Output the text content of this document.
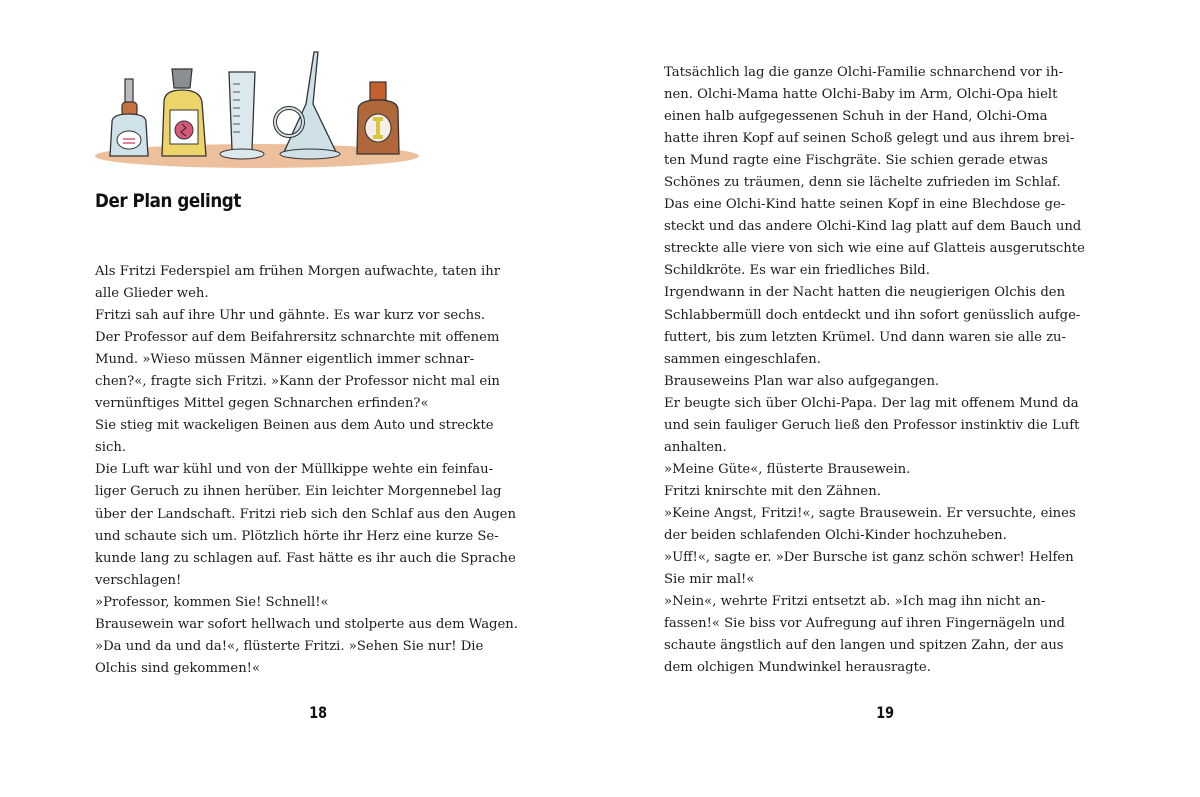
Der Plan gelingt
Als Fritzi Federspiel am frühen Morgen aufwachte, taten ihr
alle Glieder weh.
Fritzi sah auf ihre Uhr und gähnte. Es war kurz vor sechs.
Der Professor auf dem Beifahrersitz schnarchte mit offenem
Mund. »Wieso müssen Männer eigentlich immer schnar-
chen?«, fragte sich Fritzi. »Kann der Professor nicht mal ein
vernünftiges Mittel gegen Schnarchen erfinden?«
Sie stieg mit wackeligen Beinen aus dem Auto und streckte
sich.
Die Luft war kühl und von der Müllkippe wehte ein feinfau-
liger Geruch zu ihnen herüber. Ein leichter Morgennebel lag
über der Landschaft. Fritzi rieb sich den Schlaf aus den Augen
und schaute sich um. Plötzlich hörte ihr Herz eine kurze Se-
kunde lang zu schlagen auf. Fast hätte es ihr auch die Sprache
verschlagen!
»Professor, kommen Sie! Schnell!«
Brausewein war sofort hellwach und stolperte aus dem Wagen.
»Da und da und da!«, flüsterte Fritzi. »Sehen Sie nur! Die
Olchis sind gekommen!«
18
Tatsächlich lag die ganze Olchi-Familie schnarchend vor ih-
nen. Olchi-Mama hatte Olchi-Baby im Arm, Olchi-Opa hielt
einen halb aufgegessenen Schuh in der Hand, Olchi-Oma
hatte ihren Kopf auf seinen Schoß gelegt und aus ihrem brei-
ten Mund ragte eine Fischgräte. Sie schien gerade etwas
Schönes zu träumen, denn sie lächelte zufrieden im Schlaf.
Das eine Olchi-Kind hatte seinen Kopf in eine Blechdose ge-
steckt und das andere Olchi-Kind lag platt auf dem Bauch und
streckte alle viere von sich wie eine auf Glatteis ausgerutschte
Schildkröte. Es war ein friedliches Bild.
Irgendwann in der Nacht hatten die neugierigen Olchis den
Schlabbermüll doch entdeckt und ihn sofort genüsslich aufge-
futtert, bis zum letzten Krümel. Und dann waren sie alle zu-
sammen eingeschlafen.
Brauseweins Plan war also aufgegangen.
Er beugte sich über Olchi-Papa. Der lag mit offenem Mund da
und sein fauliger Geruch ließ den Professor instinktiv die Luft
anhalten.
»Meine Güte«, flüsterte Brausewein.
Fritzi knirschte mit den Zähnen.
»Keine Angst, Fritzi!«, sagte Brausewein. Er versuchte, eines
der beiden schlafenden Olchi-Kinder hochzuheben.
»Uff!«, sagte er. »Der Bursche ist ganz schön schwer! Helfen
Sie mir mal!«
»Nein«, wehrte Fritzi entsetzt ab. »Ich mag ihn nicht an-
fassen!« Sie biss vor Aufregung auf ihren Fingernägeln und
schaute ängstlich auf den langen und spitzen Zahn, der aus
dem olchigen Mundwinkel herausragte.
19
